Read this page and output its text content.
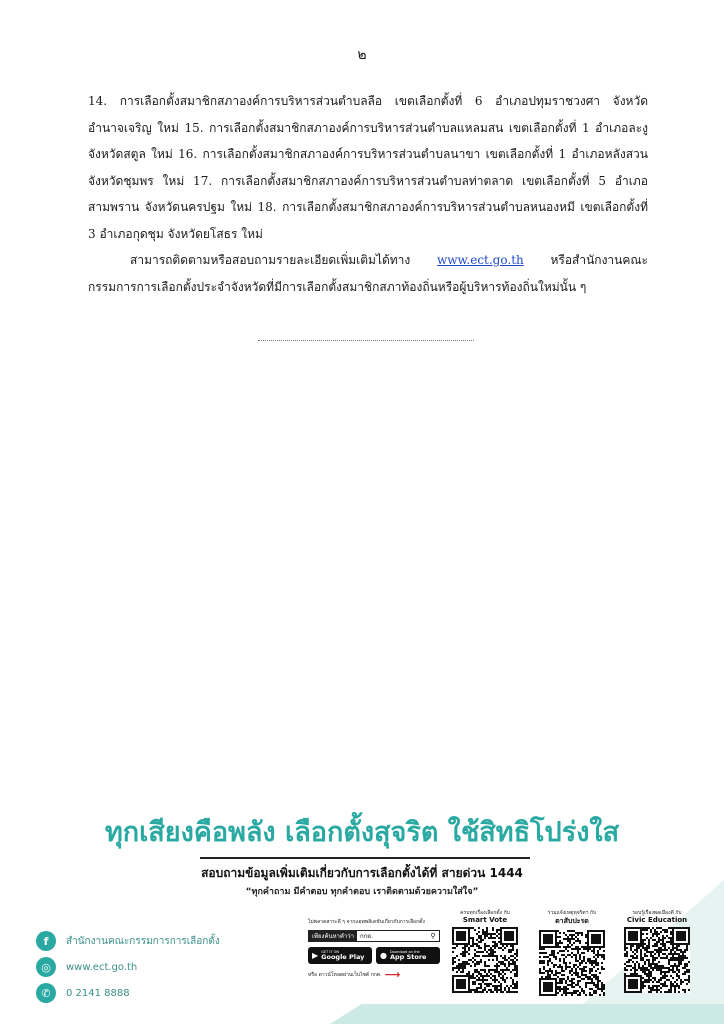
๒

14. การเลือกตั้งสมาชิกสภาองค์การบริหารส่วนตำบลลือ เขตเลือกตั้งที่ 6 อำเภอปทุมราชวงศา จังหวัดอำนาจเจริญ ใหม่ 15. การเลือกตั้งสมาชิกสภาองค์การบริหารส่วนตำบลแหลมสน เขตเลือกตั้งที่ 1 อำเภอละงู จังหวัดสตูล ใหม่ 16. การเลือกตั้งสมาชิกสภาองค์การบริหารส่วนตำบลนาขา เขตเลือกตั้งที่ 1 อำเภอหลังสวน จังหวัดชุมพร ใหม่ 17. การเลือกตั้งสมาชิกสภาองค์การบริหารส่วนตำบลท่าตลาด เขตเลือกตั้งที่ 5 อำเภอสามพราน จังหวัดนครปฐม ใหม่ 18. การเลือกตั้งสมาชิกสภาองค์การบริหารส่วนตำบลหนองหมี เขตเลือกตั้งที่ 3 อำเภอกุดชุม จังหวัดยโสธร ใหม่

สามารถติดตามหรือสอบถามรายละเอียดเพิ่มเติมได้ทาง www.ect.go.th หรือสำนักงานคณะกรรมการการเลือกตั้งประจำจังหวัดที่มีการเลือกตั้งสมาชิกสภาท้องถิ่นหรือผู้บริหารท้องถิ่นใหม่นั้น ๆ

ทุกเสียงคือพลัง เลือกตั้งสุจริต ใช้สิทธิโปร่งใส
สอบถามข้อมูลเพิ่มเติมเกี่ยวกับการเลือกตั้งได้ที่ สายด่วน 1444
“ทุกคำถาม มีคำตอบ ทุกคำตอบ เราติดตามด้วยความใส่ใจ”
f	สำนักงานคณะกรรมการการเลือกตั้ง
◎	www.ect.go.th
✆	0 2141 8888
ไม่พลาดสาระดี ๆ จากแอพพลิเคชันเกี่ยวกับการเลือกตั้ง
เพียงค้นหาคำว่า	กกต.	⚲
▶ GET IT ON
Google Play ● Download on the
App Store
หรือ ดาวน์โหลดผ่านเว็บไซต์ กกต. ⟶
ครบทุกเรื่องเลือกตั้ง กับ
Smart Vote
ร่วมแจ้งเหตุทุจริตฯ กับ
ตาสับปะรด
รอบรู้เรื่องพลเมืองดี กับ
Civic Education
